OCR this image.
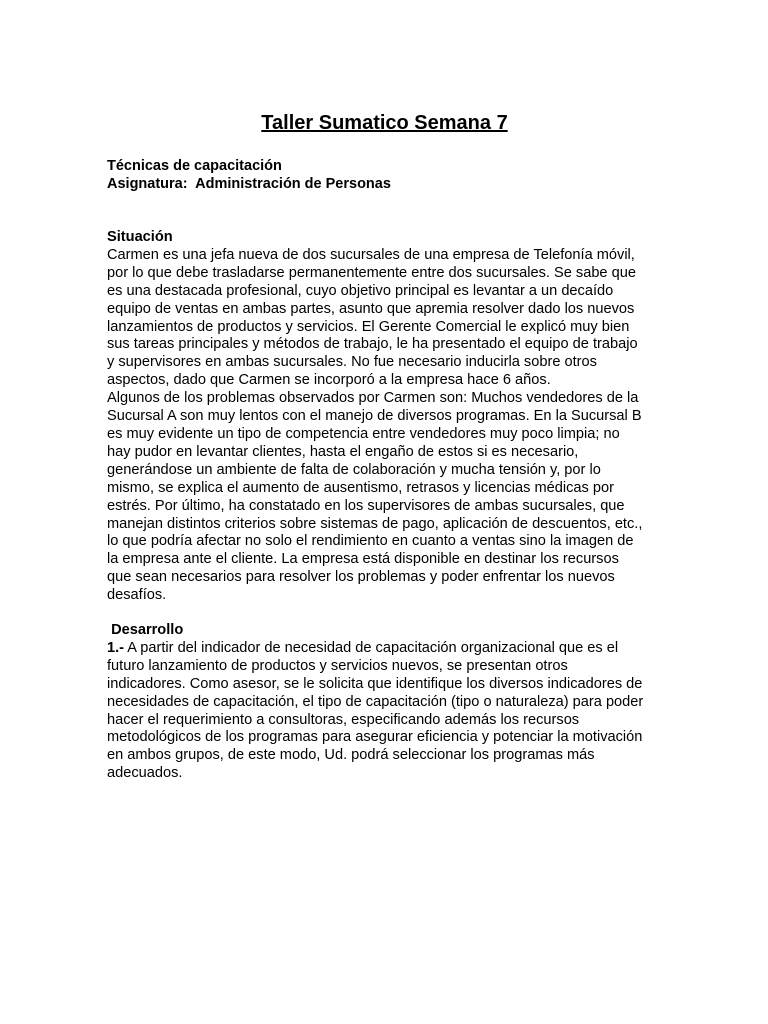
Taller Sumatico Semana 7
Técnicas de capacitación
Asignatura: Administración de Personas
Situación
Carmen es una jefa nueva de dos sucursales de una empresa de Telefonía móvil,
por lo que debe trasladarse permanentemente entre dos sucursales. Se sabe que
es una destacada profesional, cuyo objetivo principal es levantar a un decaído
equipo de ventas en ambas partes, asunto que apremia resolver dado los nuevos
lanzamientos de productos y servicios. El Gerente Comercial le explicó muy bien
sus tareas principales y métodos de trabajo, le ha presentado el equipo de trabajo
y supervisores en ambas sucursales. No fue necesario inducirla sobre otros
aspectos, dado que Carmen se incorporó a la empresa hace 6 años.
Algunos de los problemas observados por Carmen son: Muchos vendedores de la
Sucursal A son muy lentos con el manejo de diversos programas. En la Sucursal B
es muy evidente un tipo de competencia entre vendedores muy poco limpia; no
hay pudor en levantar clientes, hasta el engaño de estos si es necesario,
generándose un ambiente de falta de colaboración y mucha tensión y, por lo
mismo, se explica el aumento de ausentismo, retrasos y licencias médicas por
estrés. Por último, ha constatado en los supervisores de ambas sucursales, que
manejan distintos criterios sobre sistemas de pago, aplicación de descuentos, etc.,
lo que podría afectar no solo el rendimiento en cuanto a ventas sino la imagen de
la empresa ante el cliente. La empresa está disponible en destinar los recursos
que sean necesarios para resolver los problemas y poder enfrentar los nuevos
desafíos.
Desarrollo
1.- A partir del indicador de necesidad de capacitación organizacional que es el
futuro lanzamiento de productos y servicios nuevos, se presentan otros
indicadores. Como asesor, se le solicita que identifique los diversos indicadores de
necesidades de capacitación, el tipo de capacitación (tipo o naturaleza) para poder
hacer el requerimiento a consultoras, especificando además los recursos
metodológicos de los programas para asegurar eficiencia y potenciar la motivación
en ambos grupos, de este modo, Ud. podrá seleccionar los programas más
adecuados.
